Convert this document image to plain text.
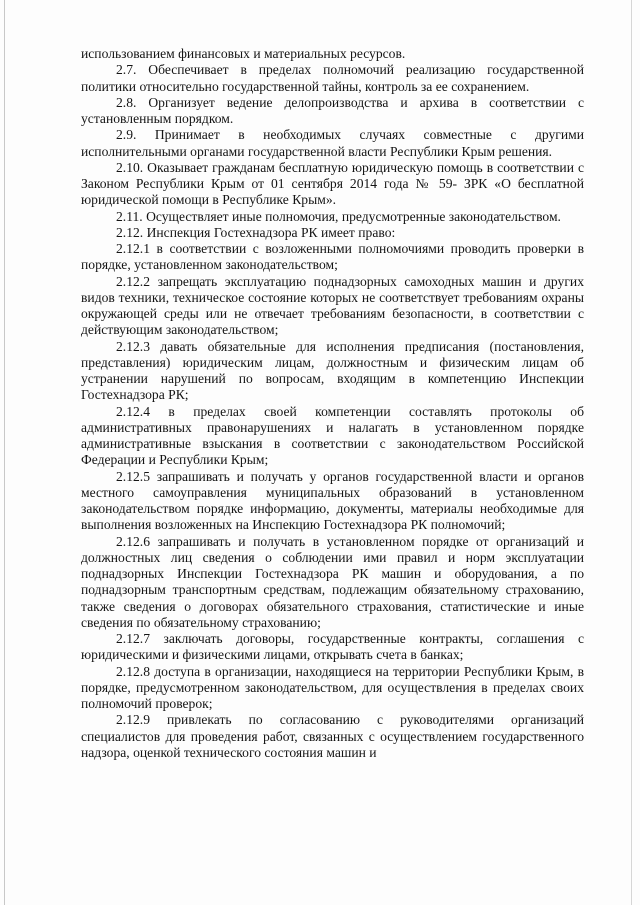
использованием финансовых и материальных ресурсов.

2.7. Обеспечивает в пределах полномочий реализацию государственной политики относительно государственной тайны, контроль за ее сохранением.

2.8. Организует ведение делопроизводства и архива в соответствии с установленным порядком.

2.9. Принимает в необходимых случаях совместные с другими исполнительными органами государственной власти Республики Крым решения.

2.10. Оказывает гражданам бесплатную юридическую помощь в соответствии с Законом Республики Крым от 01 сентября 2014 года № 59- ЗРК «О бесплатной юридической помощи в Республике Крым».

2.11. Осуществляет иные полномочия, предусмотренные законодательством.

2.12. Инспекция Гостехнадзора РК имеет право:

2.12.1 в соответствии с возложенными полномочиями проводить проверки в порядке, установленном законодательством;

2.12.2 запрещать эксплуатацию поднадзорных самоходных машин и других видов техники, техническое состояние которых не соответствует требованиям охраны окружающей среды или не отвечает требованиям безопасности, в соответствии с действующим законодательством;

2.12.3 давать обязательные для исполнения предписания (постановления, представления) юридическим лицам, должностным и физическим лицам об устранении нарушений по вопросам, входящим в компетенцию Инспекции Гостехнадзора РК;

2.12.4 в пределах своей компетенции составлять протоколы об административных правонарушениях и налагать в установленном порядке административные взыскания в соответствии с законодательством Российской Федерации и Республики Крым;

2.12.5 запрашивать и получать у органов государственной власти и органов местного самоуправления муниципальных образований в установленном законодательством порядке информацию, документы, материалы необходимые для выполнения возложенных на Инспекцию Гостехнадзора РК полномочий;

2.12.6 запрашивать и получать в установленном порядке от организаций и должностных лиц сведения о соблюдении ими правил и норм эксплуатации поднадзорных Инспекции Гостехнадзора РК машин и оборудования, а по поднадзорным транспортным средствам, подлежащим обязательному страхованию, также сведения о договорах обязательного страхования, статистические и иные сведения по обязательному страхованию;

2.12.7 заключать договоры, государственные контракты, соглашения с юридическими и физическими лицами, открывать счета в банках;

2.12.8 доступа в организации, находящиеся на территории Республики Крым, в порядке, предусмотренном законодательством, для осуществления в пределах своих полномочий проверок;

2.12.9 привлекать по согласованию с руководителями организаций специалистов для проведения работ, связанных с осуществлением государственного надзора, оценкой технического состояния машин и
